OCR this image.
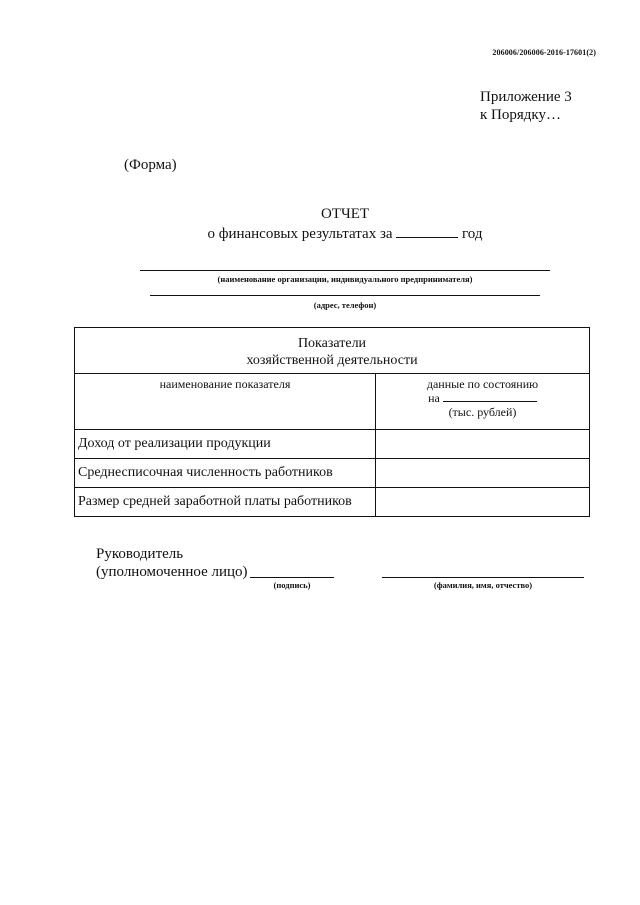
206006/206006-2016-17601(2)
Приложение 3
к Порядку…
(Форма)
ОТЧЕТ
о финансовых результатах за	год
(наименование организации, индивидуального предпринимателя)
(адрес, телефон)
Показатели
хозяйственной деятельности	

наименование показателя	данные по состоянию
на
(тыс. рублей)

Доход от реализации продукции	
Среднесписочная численность работников	
Размер средней заработной платы работников	
Руководитель
(уполномоченное лицо)
(подпись)	(фамилия, имя, отчество)
